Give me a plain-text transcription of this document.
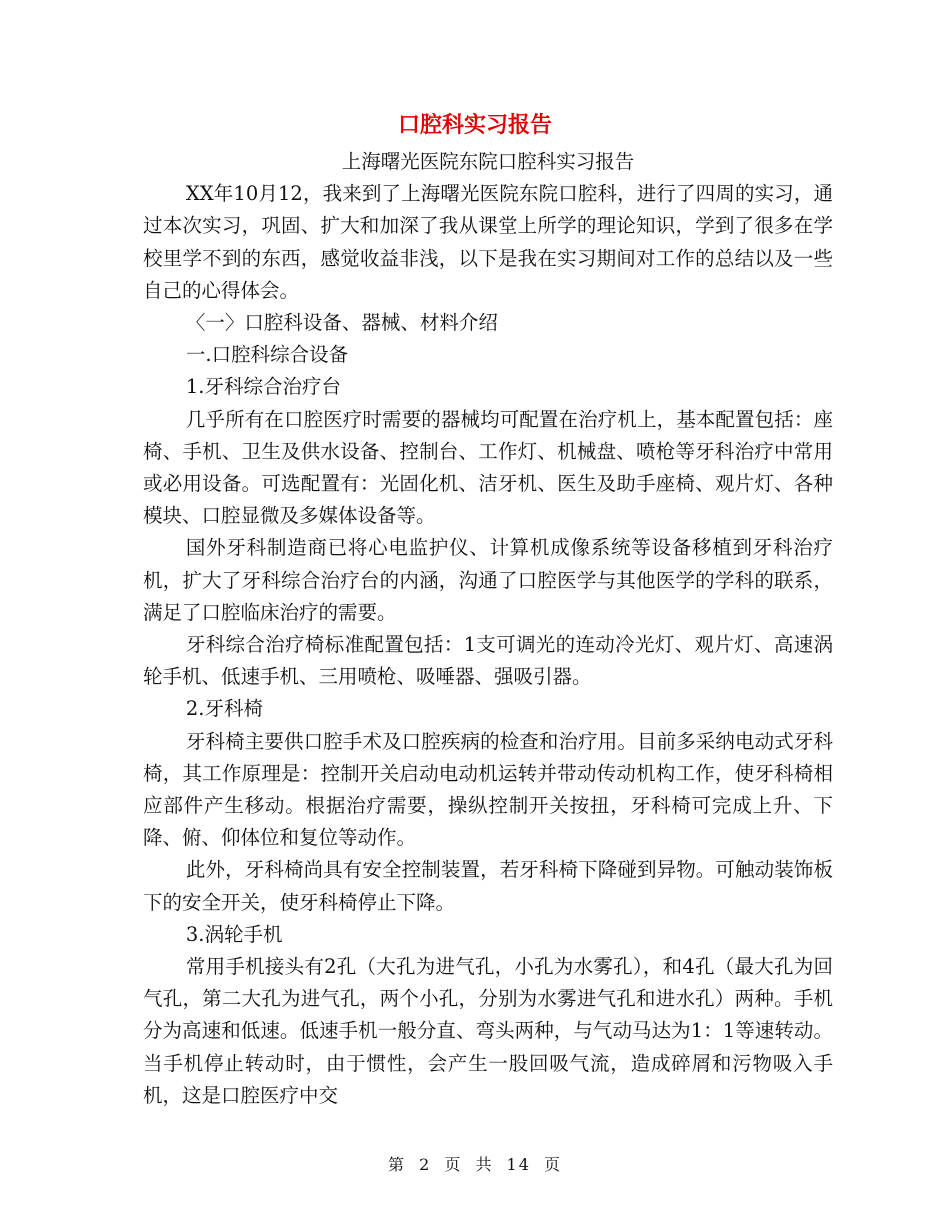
口腔科实习报告

上海曙光医院东院口腔科实习报告

XX年10月12，我来到了上海曙光医院东院口腔科，进行了四周的实习，通过本次实习，巩固、扩大和加深了我从课堂上所学的理论知识，学到了很多在学校里学不到的东西，感觉收益非浅，以下是我在实习期间对工作的总结以及一些自己的心得体会。

〈一〉口腔科设备、器械、材料介绍

一.口腔科综合设备

1.牙科综合治疗台

几乎所有在口腔医疗时需要的器械均可配置在治疗机上，基本配置包括：座椅、手机、卫生及供水设备、控制台、工作灯、机械盘、喷枪等牙科治疗中常用或必用设备。可选配置有：光固化机、洁牙机、医生及助手座椅、观片灯、各种模块、口腔显微及多媒体设备等。

国外牙科制造商已将心电监护仪、计算机成像系统等设备移植到牙科治疗机，扩大了牙科综合治疗台的内涵，沟通了口腔医学与其他医学的学科的联系，满足了口腔临床治疗的需要。

牙科综合治疗椅标准配置包括：1支可调光的连动冷光灯、观片灯、高速涡轮手机、低速手机、三用喷枪、吸唾器、强吸引器。

2.牙科椅

牙科椅主要供口腔手术及口腔疾病的检查和治疗用。目前多采纳电动式牙科椅，其工作原理是：控制开关启动电动机运转并带动传动机构工作，使牙科椅相应部件产生移动。根据治疗需要，操纵控制开关按扭，牙科椅可完成上升、下降、俯、仰体位和复位等动作。

此外，牙科椅尚具有安全控制装置，若牙科椅下降碰到异物。可触动装饰板下的安全开关，使牙科椅停止下降。

3.涡轮手机

常用手机接头有2孔（大孔为进气孔，小孔为水雾孔），和4孔（最大孔为回气孔，第二大孔为进气孔，两个小孔，分别为水雾进气孔和进水孔）两种。手机分为高速和低速。低速手机一般分直、弯头两种，与气动马达为1：1等速转动。当手机停止转动时，由于惯性，会产生一股回吸气流，造成碎屑和污物吸入手机，这是口腔医疗中交

第 2 页 共 14 页
